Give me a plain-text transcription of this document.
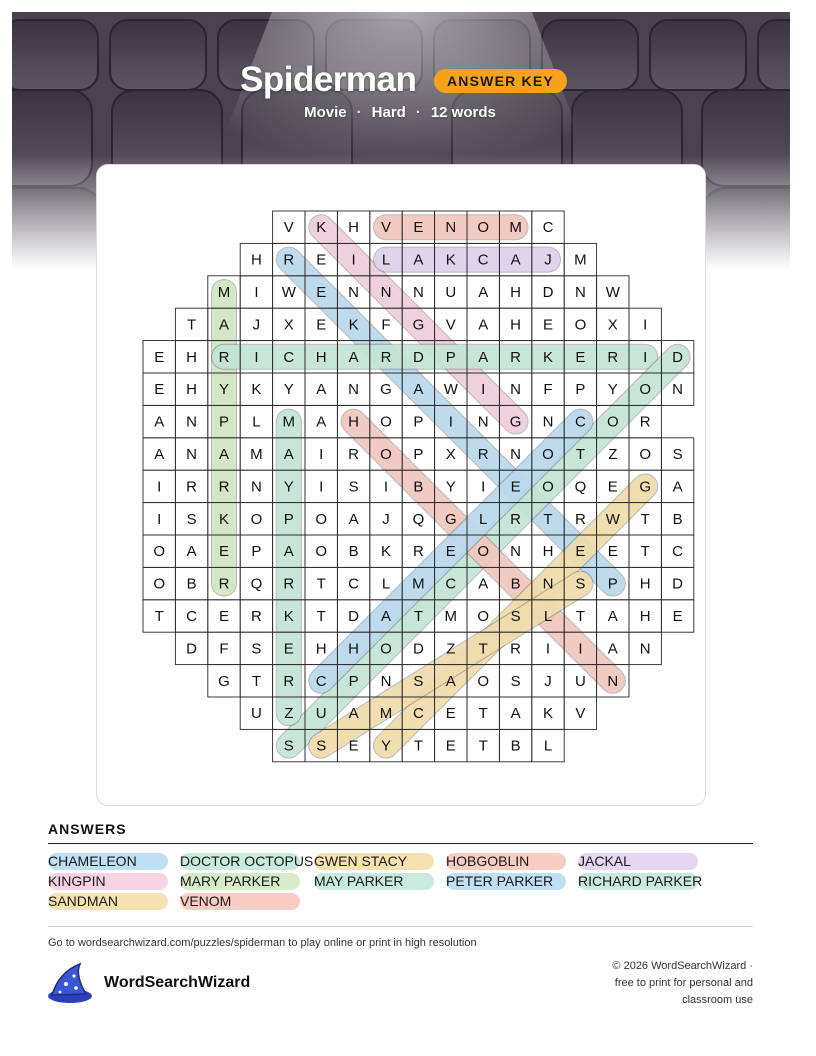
Spiderman	ANSWER KEY
Movie · Hard · 12 words
V K H V E N O M C
H R E I L A K C A J M
M I W E N N N U A H D N W
T A J X E K F G V A H E O X I
E H R I C H A R D P A R K E R I D
E H Y K Y A N G A W I N F P Y O N
A N P L M A H O P I N G N C O R
A N A M A I R O P X R N O T Z O S
I R R N Y I S I B Y I E O Q E G A
I S K O P O A J Q G L R T R W T B
O A E P A O B K R E O N H E E T C
O B R Q R T C L M C A B N S P H D
T C E R K T D A T M O S L T A H E
D F S E H H O D Z T R I I A N
G T R C P N S A O S J U N
U Z U A M C E T A K V
S S E Y T E T B L
ANSWERS
CHAMELEON	DOCTOR OCTOPUS GWEN STACY	HOBGOBLIN	JACKAL
KINGPIN	MARY PARKER MAY PARKER	PETER PARKER RICHARD PARKER
SANDMAN	VENOM
Go to wordsearchwizard.com/puzzles/spiderman to play online or print in high resolution
WordSearchWizard
© 2026 WordSearchWizard ·
free to print for personal and
classroom use
